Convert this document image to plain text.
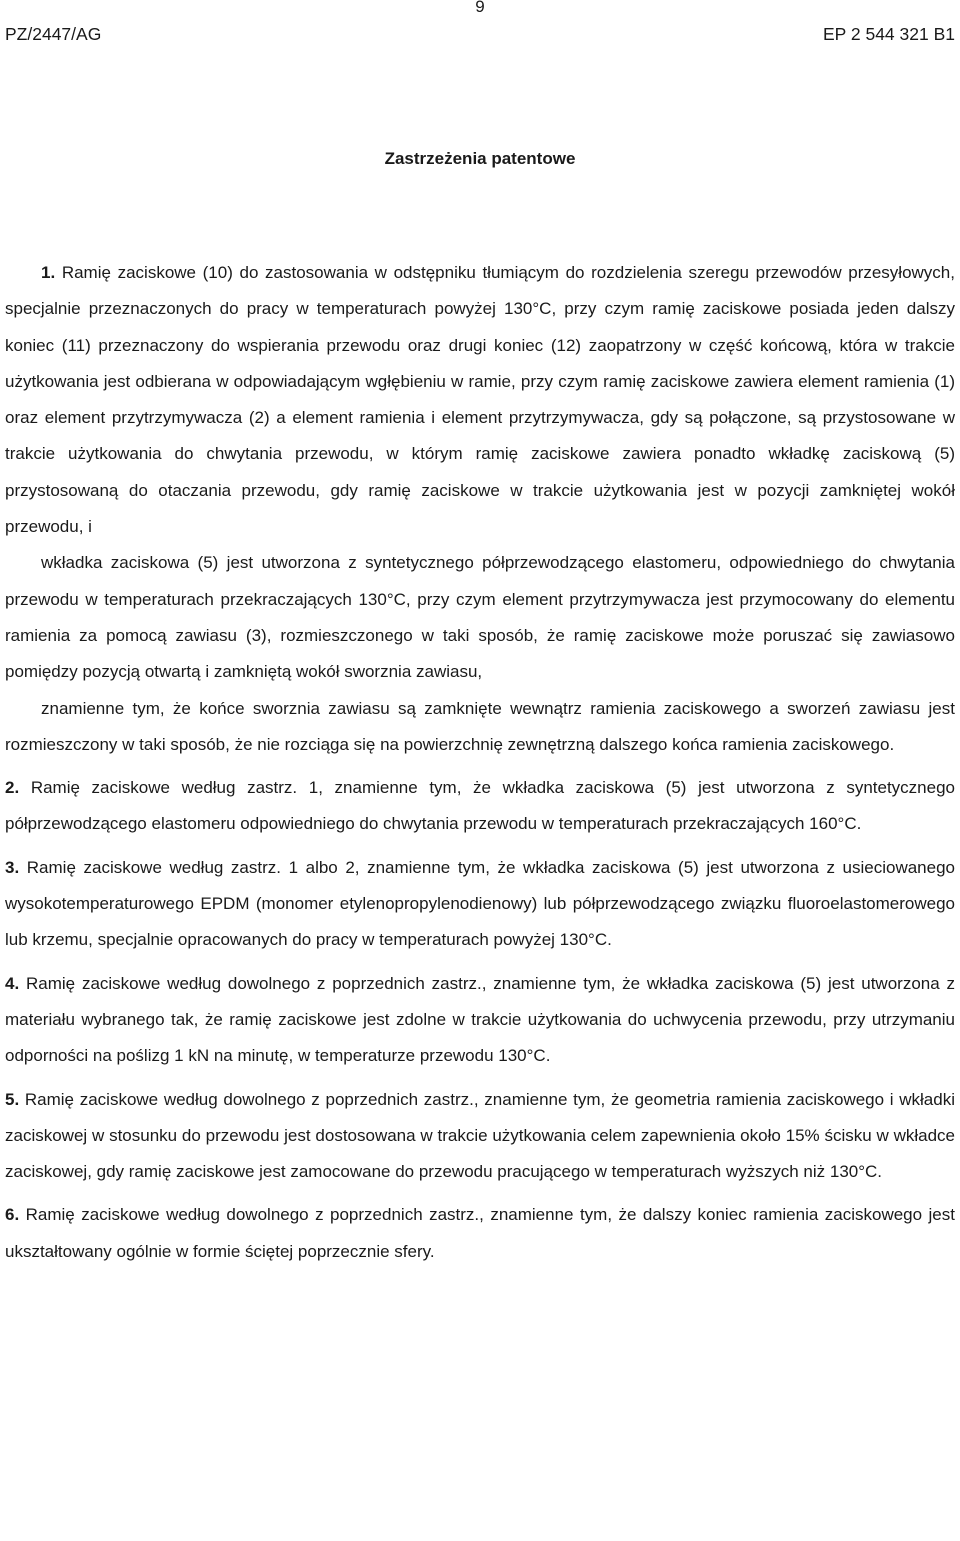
9
PZ/2447/AG	EP 2 544 321 B1
Zastrzeżenia patentowe

1. Ramię zaciskowe (10) do zastosowania w odstępniku tłumiącym do rozdzielenia szeregu przewodów przesyłowych, specjalnie przeznaczonych do pracy w temperaturach powyżej 130°C, przy czym ramię zaciskowe posiada jeden dalszy koniec (11) przeznaczony do wspierania przewodu oraz drugi koniec (12) zaopatrzony w część końcową, która w trakcie użytkowania jest odbierana w odpowiadającym wgłębieniu w ramie, przy czym ramię zaciskowe zawiera element ramienia (1) oraz element przytrzymywacza (2) a element ramienia i element przytrzymywacza, gdy są połączone, są przystosowane w trakcie użytkowania do chwytania przewodu, w którym ramię zaciskowe zawiera ponadto wkładkę zaciskową (5) przystosowaną do otaczania przewodu, gdy ramię zaciskowe w trakcie użytkowania jest w pozycji zamkniętej wokół przewodu, i

wkładka zaciskowa (5) jest utworzona z syntetycznego półprzewodzącego elastomeru, odpowiedniego do chwytania przewodu w temperaturach przekraczających 130°C, przy czym element przytrzymywacza jest przymocowany do elementu ramienia za pomocą zawiasu (3), rozmieszczonego w taki sposób, że ramię zaciskowe może poruszać się zawiasowo pomiędzy pozycją otwartą i zamkniętą wokół sworznia zawiasu,

znamienne tym, że końce sworznia zawiasu są zamknięte wewnątrz ramienia zaciskowego a sworzeń zawiasu jest rozmieszczony w taki sposób, że nie rozciąga się na powierzchnię zewnętrzną dalszego końca ramienia zaciskowego.

2. Ramię zaciskowe według zastrz. 1, znamienne tym, że wkładka zaciskowa (5) jest utworzona z syntetycznego półprzewodzącego elastomeru odpowiedniego do chwytania przewodu w temperaturach przekraczających 160°C.

3. Ramię zaciskowe według zastrz. 1 albo 2, znamienne tym, że wkładka zaciskowa (5) jest utworzona z usieciowanego wysokotemperaturowego EPDM (monomer etylenopropylenodienowy) lub półprzewodzącego związku fluoroelastomerowego lub krzemu, specjalnie opracowanych do pracy w temperaturach powyżej 130°C.

4. Ramię zaciskowe według dowolnego z poprzednich zastrz., znamienne tym, że wkładka zaciskowa (5) jest utworzona z materiału wybranego tak, że ramię zaciskowe jest zdolne w trakcie użytkowania do uchwycenia przewodu, przy utrzymaniu odporności na poślizg 1 kN na minutę, w temperaturze przewodu 130°C.

5. Ramię zaciskowe według dowolnego z poprzednich zastrz., znamienne tym, że geometria ramienia zaciskowego i wkładki zaciskowej w stosunku do przewodu jest dostosowana w trakcie użytkowania celem zapewnienia około 15% ścisku w wkładce zaciskowej, gdy ramię zaciskowe jest zamocowane do przewodu pracującego w temperaturach wyższych niż 130°C.

6. Ramię zaciskowe według dowolnego z poprzednich zastrz., znamienne tym, że dalszy koniec ramienia zaciskowego jest ukształtowany ogólnie w formie ściętej poprzecznie sfery.
